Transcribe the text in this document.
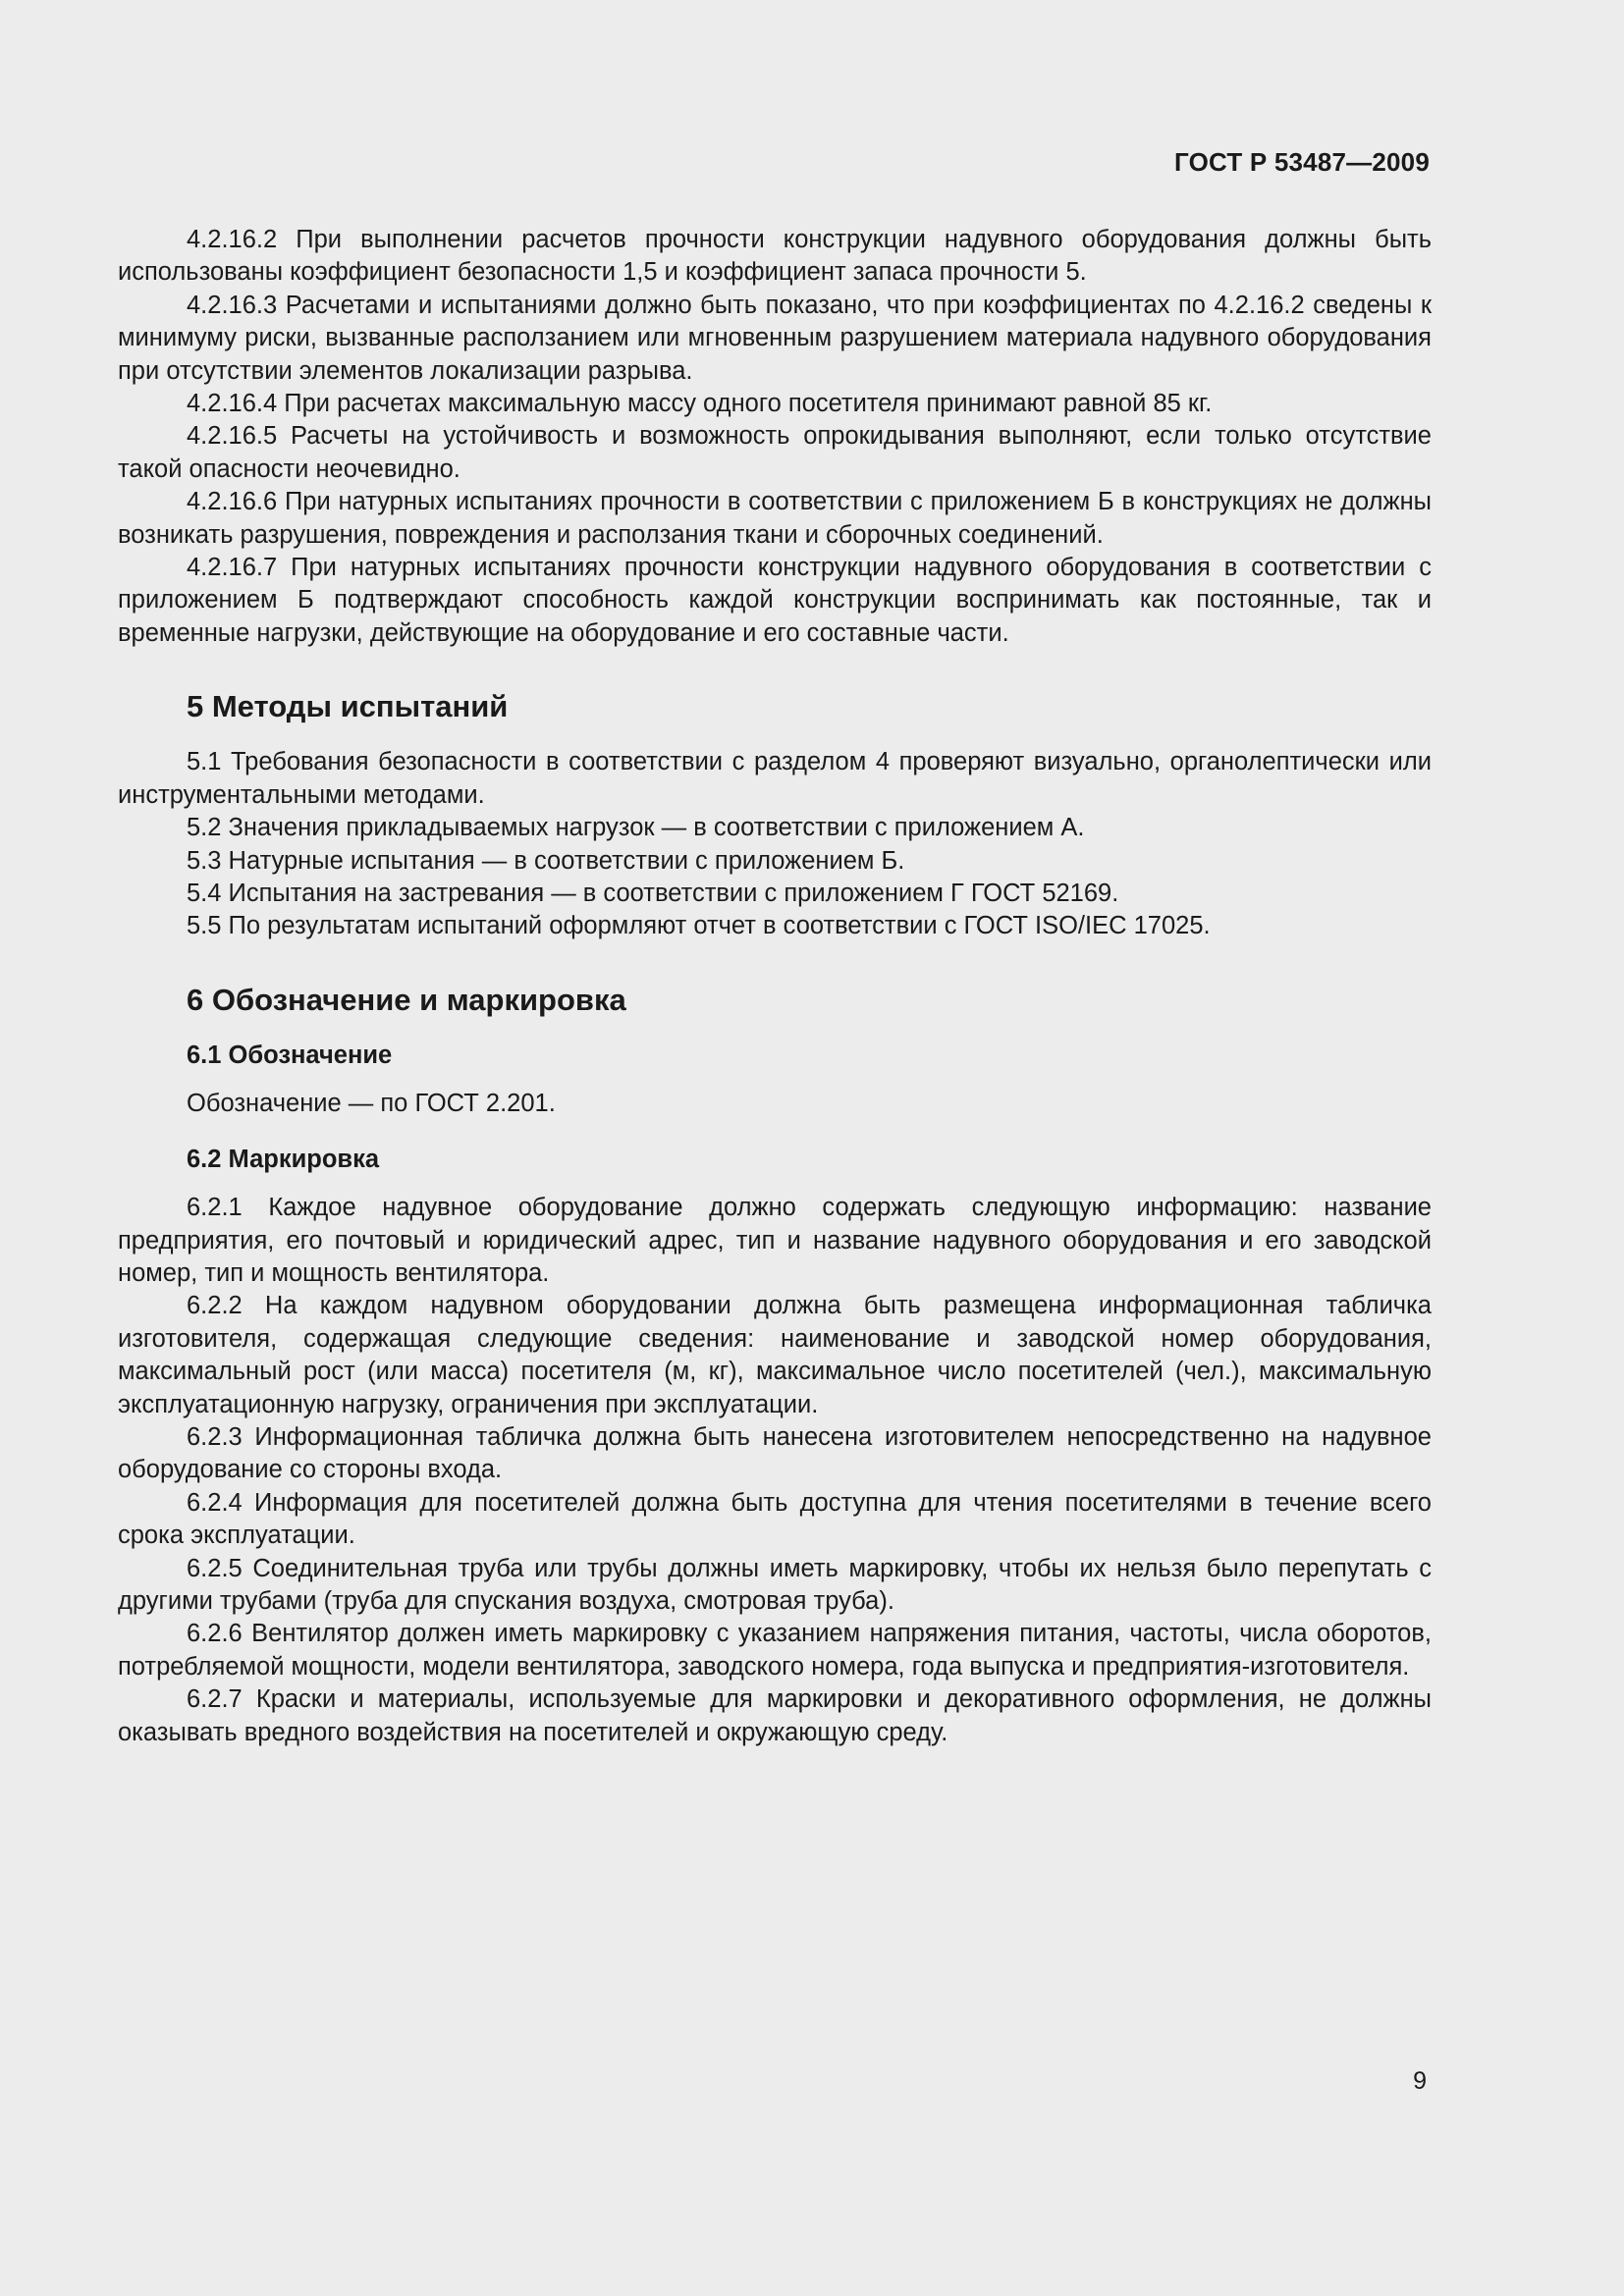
ГОСТ Р 53487—2009

4.2.16.2 При выполнении расчетов прочности конструкции надувного оборудования должны быть использованы коэффициент безопасности 1,5 и коэффициент запаса прочности 5.

4.2.16.3 Расчетами и испытаниями должно быть показано, что при коэффициентах по 4.2.16.2 сведены к минимуму риски, вызванные расползанием или мгновенным разрушением материала надувного оборудования при отсутствии элементов локализации разрыва.

4.2.16.4 При расчетах максимальную массу одного посетителя принимают равной 85 кг.

4.2.16.5 Расчеты на устойчивость и возможность опрокидывания выполняют, если только отсутствие такой опасности неочевидно.

4.2.16.6 При натурных испытаниях прочности в соответствии с приложением Б в конструкциях не должны возникать разрушения, повреждения и расползания ткани и сборочных соединений.

4.2.16.7 При натурных испытаниях прочности конструкции надувного оборудования в соответствии с приложением Б подтверждают способность каждой конструкции воспринимать как постоянные, так и временные нагрузки, действующие на оборудование и его составные части.

5 Методы испытаний

5.1 Требования безопасности в соответствии с разделом 4 проверяют визуально, органолептически или инструментальными методами.

5.2 Значения прикладываемых нагрузок — в соответствии с приложением А.

5.3 Натурные испытания — в соответствии с приложением Б.

5.4 Испытания на застревания — в соответствии с приложением Г ГОСТ 52169.

5.5 По результатам испытаний оформляют отчет в соответствии с ГОСТ ISO/IEC 17025.

6 Обозначение и маркировка
6.1 Обозначение

Обозначение — по ГОСТ 2.201.

6.2 Маркировка

6.2.1 Каждое надувное оборудование должно содержать следующую информацию: название предприятия, его почтовый и юридический адрес, тип и название надувного оборудования и его заводской номер, тип и мощность вентилятора.

6.2.2 На каждом надувном оборудовании должна быть размещена информационная табличка изготовителя, содержащая следующие сведения: наименование и заводской номер оборудования, максимальный рост (или масса) посетителя (м, кг), максимальное число посетителей (чел.), максимальную эксплуатационную нагрузку, ограничения при эксплуатации.

6.2.3 Информационная табличка должна быть нанесена изготовителем непосредственно на надувное оборудование со стороны входа.

6.2.4 Информация для посетителей должна быть доступна для чтения посетителями в течение всего срока эксплуатации.

6.2.5 Соединительная труба или трубы должны иметь маркировку, чтобы их нельзя было перепутать с другими трубами (труба для спускания воздуха, смотровая труба).

6.2.6 Вентилятор должен иметь маркировку с указанием напряжения питания, частоты, числа оборотов, потребляемой мощности, модели вентилятора, заводского номера, года выпуска и предприятия-изготовителя.

6.2.7 Краски и материалы, используемые для маркировки и декоративного оформления, не должны оказывать вредного воздействия на посетителей и окружающую среду.

9
